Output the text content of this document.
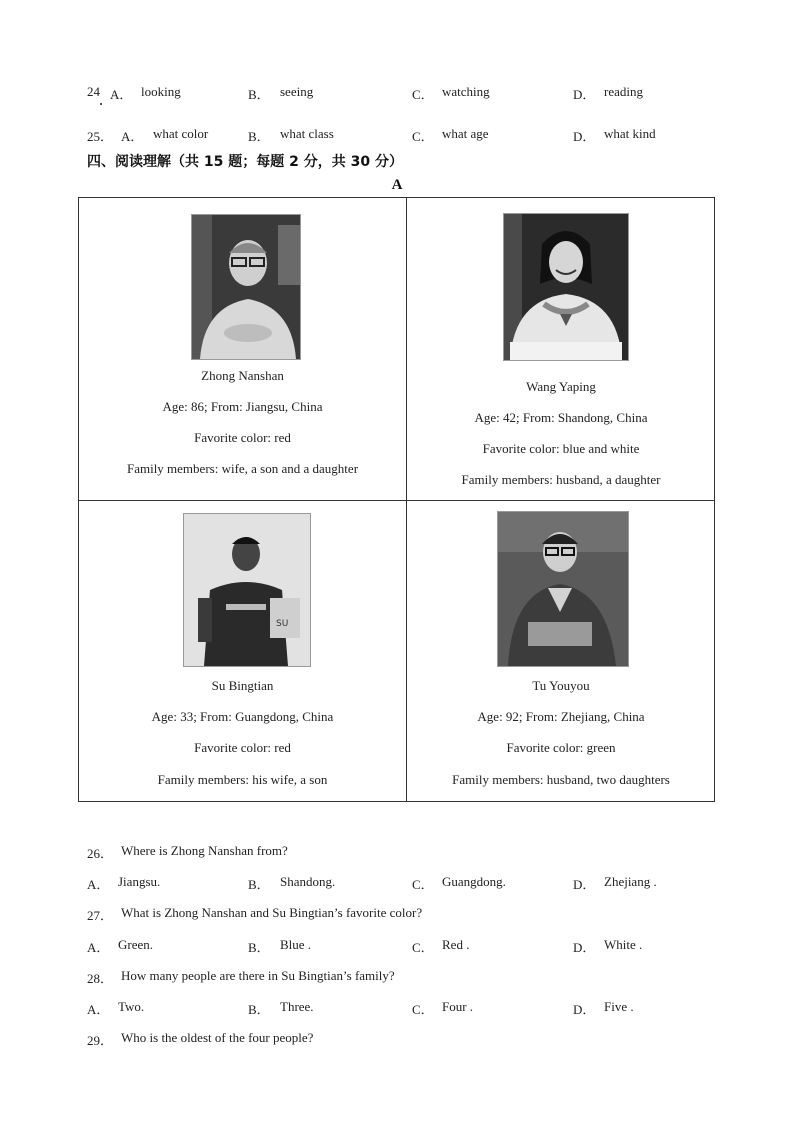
24 A． looking	B． seeing	C． watching	D． reading
25． A． what color	B． what class	C． what age	D． what kind
四、阅读理解（共 15 题；每题 2 分，共 30 分）
A
Zhong Nanshan
Age: 86; From: Jiangsu, China
Favorite color: red
Family members: wife, a son and a daughter
Wang Yaping
Age: 42; From: Shandong, China
Favorite color: blue and white
Family members: husband, a daughter
SU
Su Bingtian
Age: 33; From: Guangdong, China
Favorite color: red
Family members: his wife, a son
Tu Youyou
Age: 92; From: Zhejiang, China
Favorite color: green
Family members: husband, two daughters
26． Where is Zhong Nanshan from?
A． Jiangsu.	B． Shandong.	C． Guangdong.	D． Zhejiang .
27． What is Zhong Nanshan and Su Bingtian’s favorite color?
A． Green.	B． Blue .	C． Red .	D． White .
28． How many people are there in Su Bingtian’s family?
A． Two.	B． Three.	C． Four .	D． Five .
29． Who is the oldest of the four people?
